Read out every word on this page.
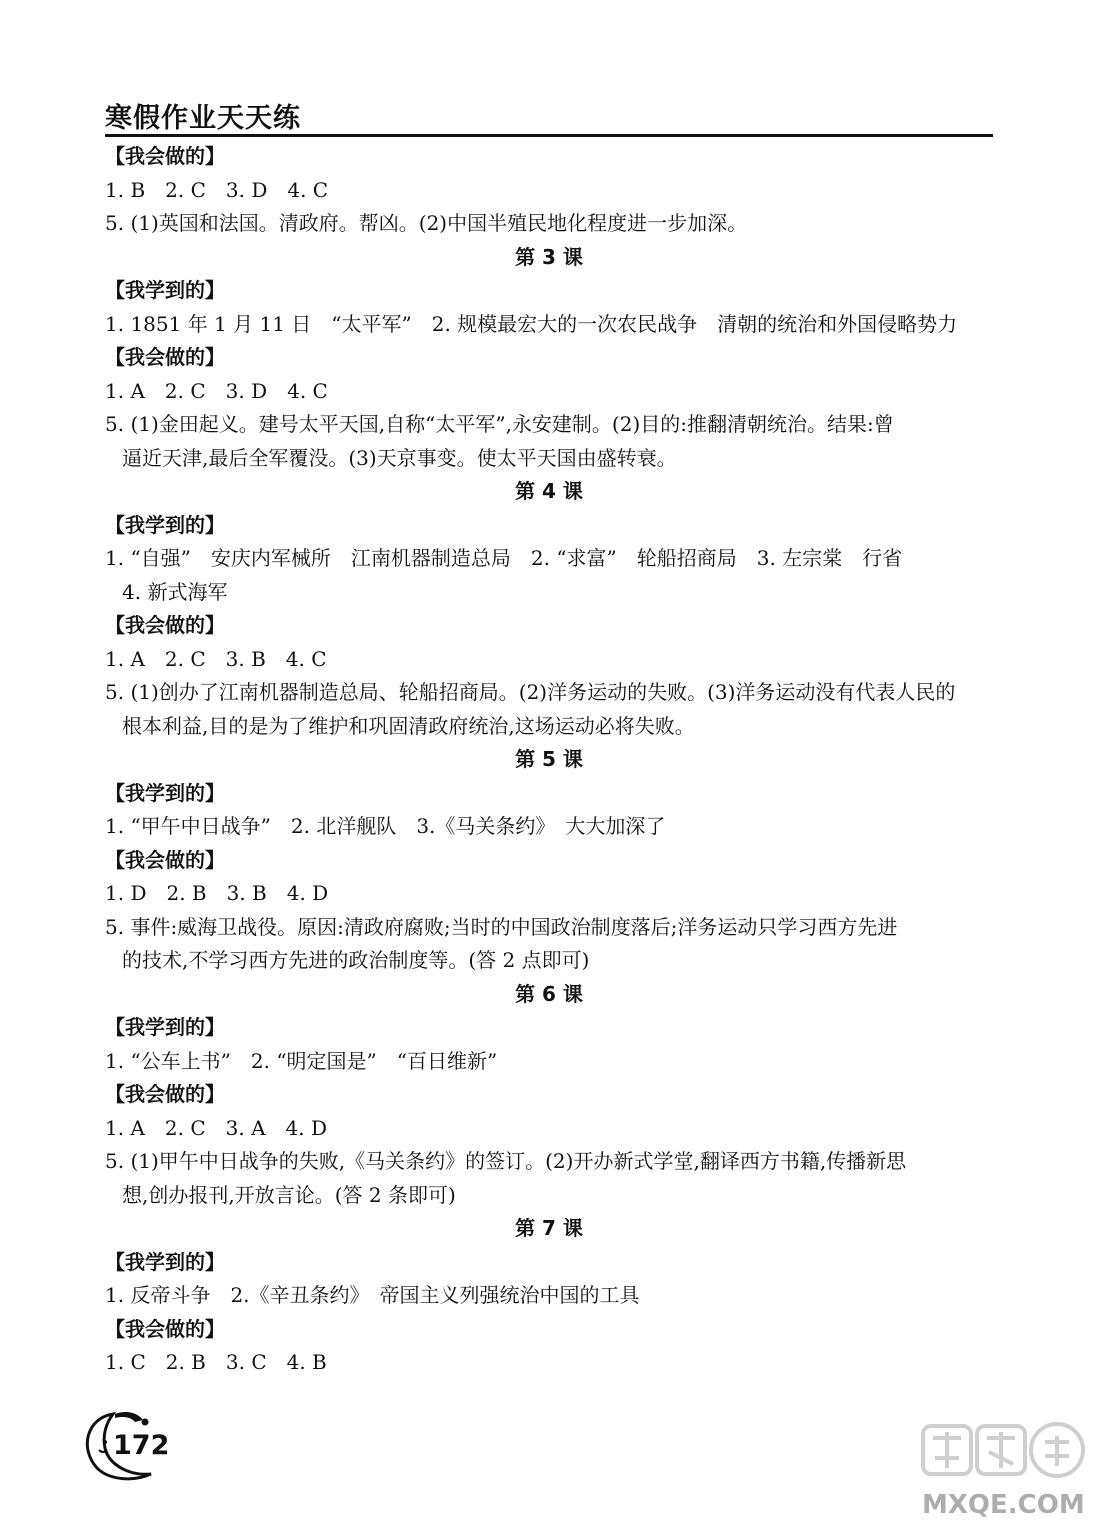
寒假作业天天练
【我会做的】
1. B　2. C　3. D　4. C
5. (1)英国和法国。清政府。帮凶。(2)中国半殖民地化程度进一步加深。
第 3 课
【我学到的】
1. 1851 年 1 月 11 日　“太平军”　2. 规模最宏大的一次农民战争　清朝的统治和外国侵略势力
【我会做的】
1. A　2. C　3. D　4. C
5. (1)金田起义。建号太平天国,自称“太平军”,永安建制。(2)目的:推翻清朝统治。结果:曾
逼近天津,最后全军覆没。(3)天京事变。使太平天国由盛转衰。
第 4 课
【我学到的】
1. “自强”　安庆内军械所　江南机器制造总局　2. “求富”　轮船招商局　3. 左宗棠　行省
4. 新式海军
【我会做的】
1. A　2. C　3. B　4. C
5. (1)创办了江南机器制造总局、轮船招商局。(2)洋务运动的失败。(3)洋务运动没有代表人民的
根本利益,目的是为了维护和巩固清政府统治,这场运动必将失败。
第 5 课
【我学到的】
1. “甲午中日战争”　2. 北洋舰队　3.《马关条约》　大大加深了
【我会做的】
1. D　2. B　3. B　4. D
5. 事件:威海卫战役。原因:清政府腐败;当时的中国政治制度落后;洋务运动只学习西方先进
的技术,不学习西方先进的政治制度等。(答 2 点即可)
第 6 课
【我学到的】
1. “公车上书”　2. “明定国是”　“百日维新”
【我会做的】
1. A　2. C　3. A　4. D
5. (1)甲午中日战争的失败,《马关条约》的签订。(2)开办新式学堂,翻译西方书籍,传播新思
想,创办报刊,开放言论。(答 2 条即可)
第 7 课
【我学到的】
1. 反帝斗争　2.《辛丑条约》　帝国主义列强统治中国的工具
【我会做的】
1. C　2. B　3. C　4. B
172
MXQE.COM
